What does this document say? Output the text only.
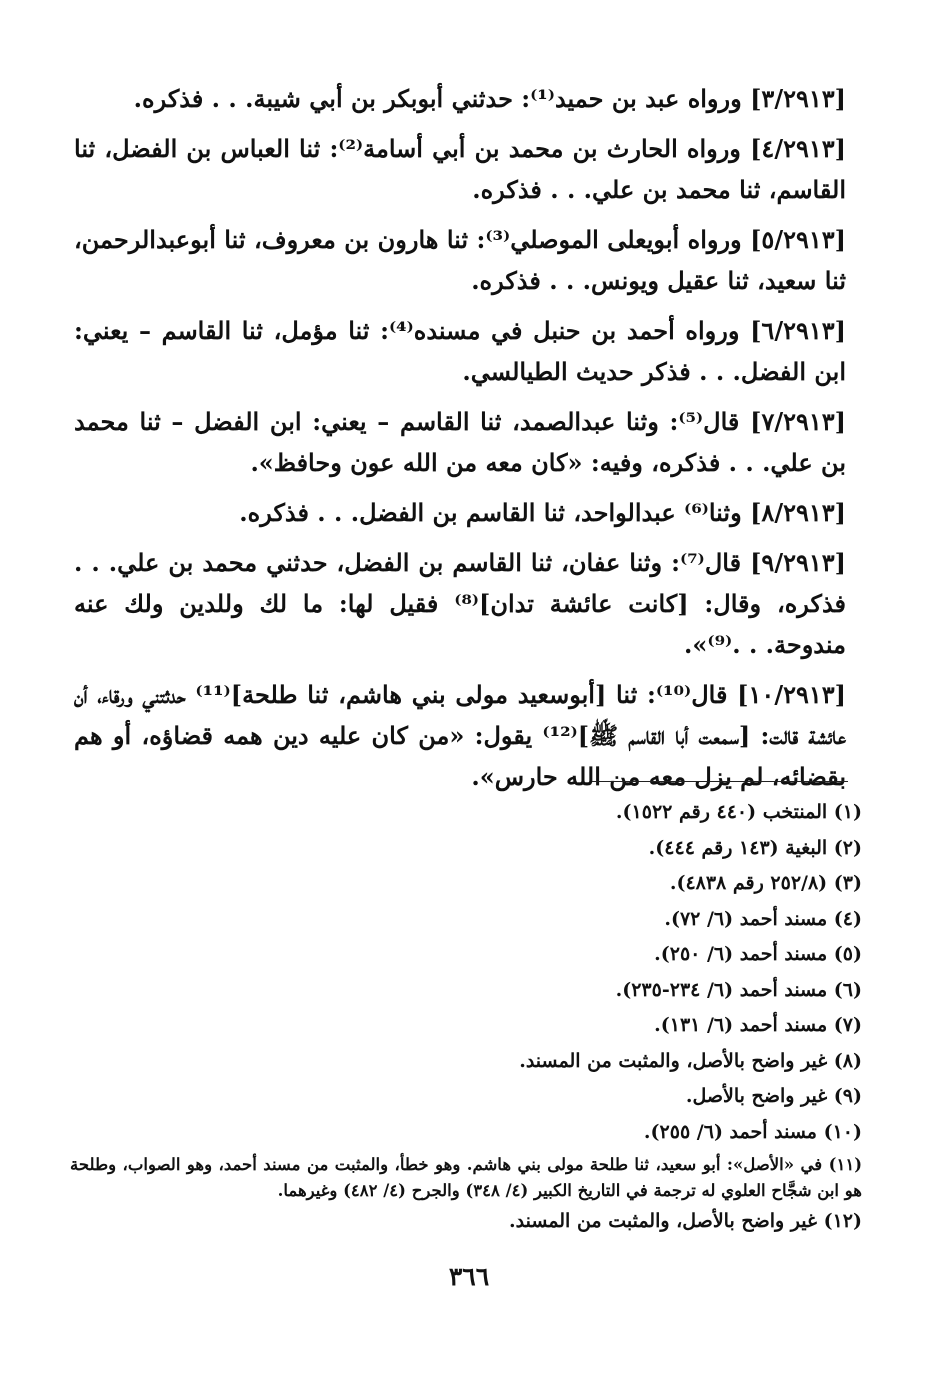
[٣/٢٩١٣] ورواه عبد بن حميد⁽¹⁾: حدثني أبوبكر بن أبي شيبة. . . فذكره.

[٤/٢٩١٣] ورواه الحارث بن محمد بن أبي أسامة⁽²⁾: ثنا العباس بن الفضل، ثنا القاسم، ثنا محمد بن علي. . . فذكره.

[٥/٢٩١٣] ورواه أبويعلى الموصلي⁽³⁾: ثنا هارون بن معروف، ثنا أبوعبدالرحمن، ثنا سعيد، ثنا عقيل ويونس. . . فذكره.

[٦/٢٩١٣] ورواه أحمد بن حنبل في مسنده⁽⁴⁾: ثنا مؤمل، ثنا القاسم – يعني: ابن الفضل. . . فذكر حديث الطيالسي.

[٧/٢٩١٣] قال⁽⁵⁾: وثنا عبدالصمد، ثنا القاسم – يعني: ابن الفضل – ثنا محمد بن علي. . . فذكره، وفيه: «كان معه من الله عون وحافظ».

[٨/٢٩١٣] وثنا⁽⁶⁾ عبدالواحد، ثنا القاسم بن الفضل. . . فذكره.

[٩/٢٩١٣] قال⁽⁷⁾: وثنا عفان، ثنا القاسم بن الفضل، حدثني محمد بن علي. . . فذكره، وقال: [كانت عائشة تدان]⁽⁸⁾ فقيل لها: ما لك وللدين ولك عنه مندوحة. . .⁽⁹⁾».

[١٠/٢٩١٣] قال⁽¹⁰⁾: ثنا [أبوسعيد مولى بني هاشم، ثنا طلحة]⁽¹¹⁾ حدثتني ورقاء، أن عائشة قالت: [سمعت أبا القاسم ﷺ]⁽¹²⁾ يقول: «من كان عليه دين همه قضاؤه، أو هم بقضائه، لم يزل معه من الله حارس».

(١) المنتخب (٤٤٠ رقم ١٥٢٢).

(٢) البغية (١٤٣ رقم ٤٤٤).

(٣) (٢٥٢/٨ رقم ٤٨٣٨).

(٤) مسند أحمد (٦/ ٧٢).

(٥) مسند أحمد (٦/ ٢٥٠).

(٦) مسند أحمد (٦/ ٢٣٤-٢٣٥).

(٧) مسند أحمد (٦/ ١٣١).

(٨) غير واضح بالأصل، والمثبت من المسند.

(٩) غير واضح بالأصل.

(١٠) مسند أحمد (٦/ ٢٥٥).

(١١) في «الأصل»: أبو سعيد، ثنا طلحة مولى بني هاشم. وهو خطأ، والمثبت من مسند أحمد، وهو الصواب، وطلحة هو ابن شجَّاح العلوي له ترجمة في التاريخ الكبير (٤/ ٣٤٨) والجرح (٤/ ٤٨٢) وغيرهما.

(١٢) غير واضح بالأصل، والمثبت من المسند.

٣٦٦
